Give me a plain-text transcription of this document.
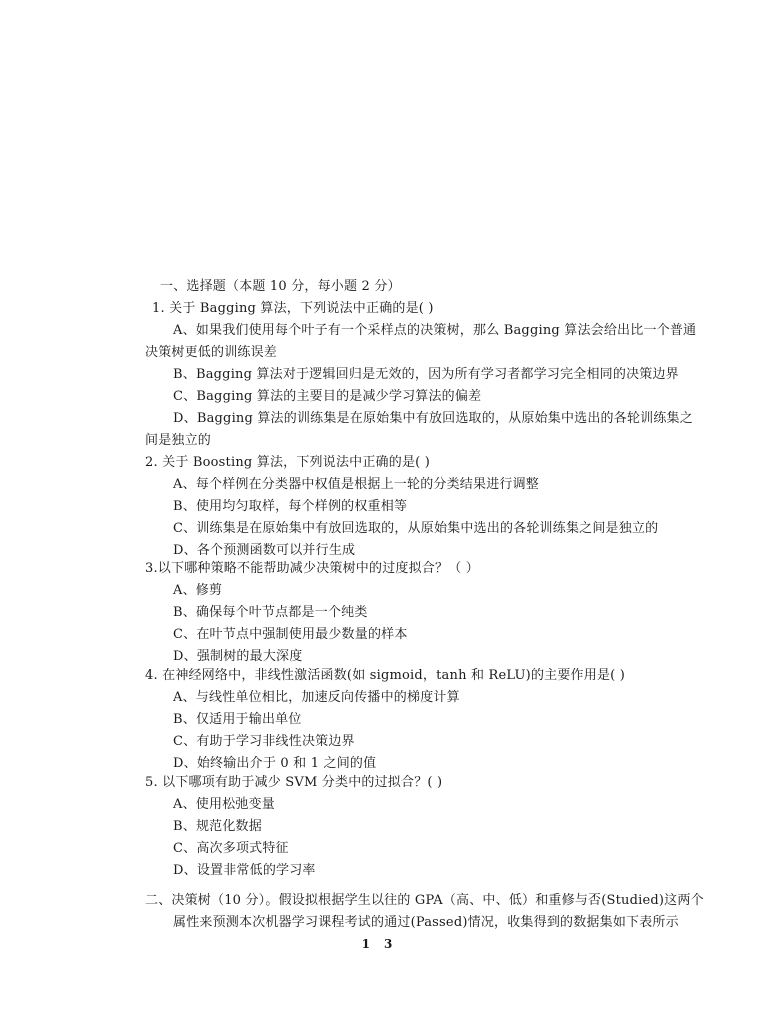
一、选择题（本题 10 分，每小题 2 分）
1. 关于 Bagging 算法，下列说法中正确的是( )
A、如果我们使用每个叶子有一个采样点的决策树，那么 Bagging 算法会给出比一个普通
决策树更低的训练误差
B、Bagging 算法对于逻辑回归是无效的，因为所有学习者都学习完全相同的决策边界
C、Bagging 算法的主要目的是减少学习算法的偏差
D、Bagging 算法的训练集是在原始集中有放回选取的，从原始集中选出的各轮训练集之
间是独立的
2. 关于 Boosting 算法，下列说法中正确的是( )
A、每个样例在分类器中权值是根据上一轮的分类结果进行调整
B、使用均匀取样，每个样例的权重相等
C、训练集是在原始集中有放回选取的，从原始集中选出的各轮训练集之间是独立的
D、各个预测函数可以并行生成
3.以下哪种策略不能帮助减少决策树中的过度拟合？（ ）
A、修剪
B、确保每个叶节点都是一个纯类
C、在叶节点中强制使用最少数量的样本
D、强制树的最大深度
4. 在神经网络中，非线性激活函数(如 sigmoid，tanh 和 ReLU)的主要作用是( )
A、与线性单位相比，加速反向传播中的梯度计算
B、仅适用于输出单位
C、有助于学习非线性决策边界
D、始终输出介于 0 和 1 之间的值
5. 以下哪项有助于减少 SVM 分类中的过拟合？( )
A、使用松弛变量
B、规范化数据
C、高次多项式特征
D、设置非常低的学习率
二、决策树（10 分）。假设拟根据学生以往的 GPA（高、中、低）和重修与否(Studied)这两个
属性来预测本次机器学习课程考试的通过(Passed)情况，收集得到的数据集如下表所示
13
